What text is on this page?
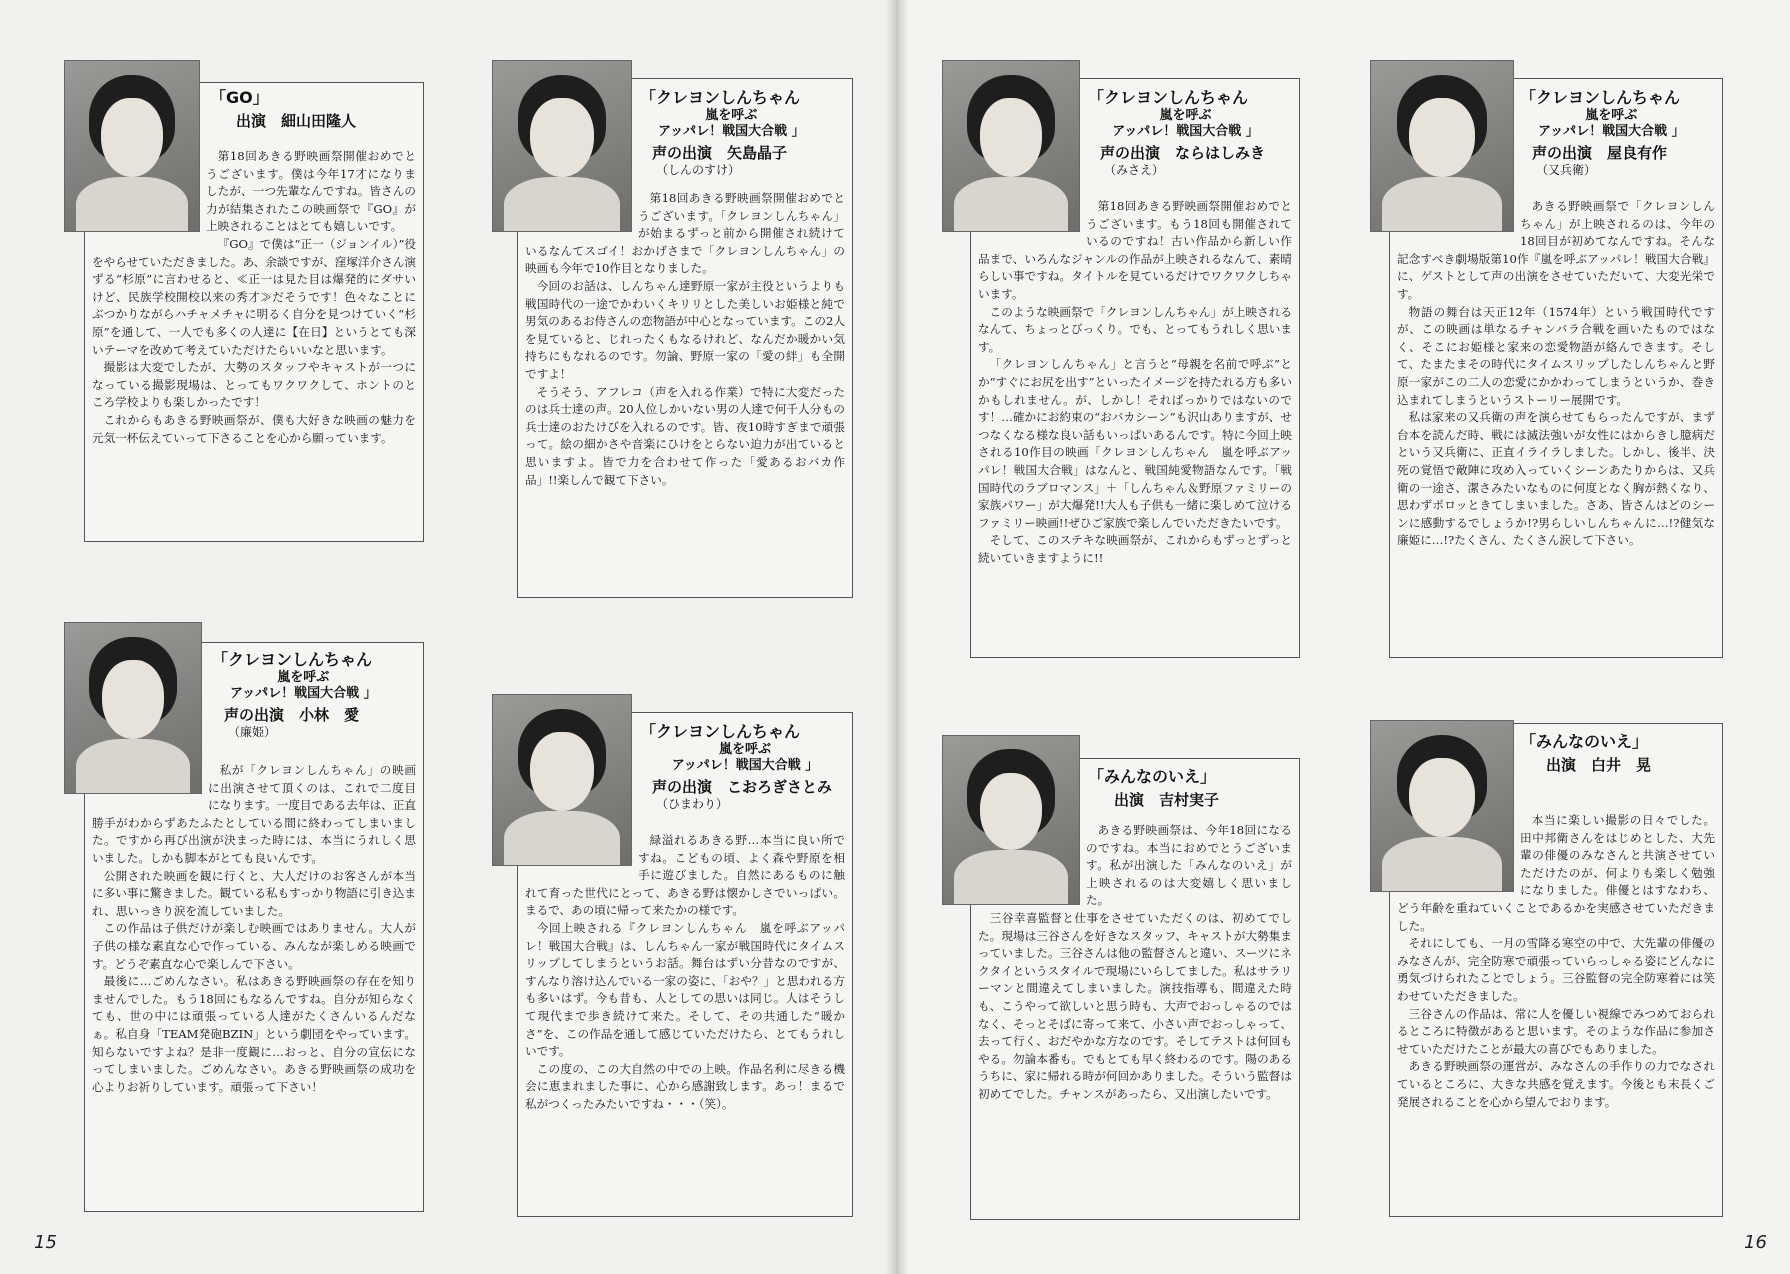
15	16
「GO」
出演　細山田隆人

第18回あきる野映画祭開催おめでとうございます。僕は今年17才になりましたが、一つ先輩なんですね。皆さんの力が結集されたこの映画祭で『GO』が上映されることはとても嬉しいです。

『GO』で僕は“正一（ジョンイル）”役をやらせていただきました。あ、余談ですが、窪塚洋介さん演ずる“杉原”に言わせると、≪正一は見た目は爆発的にダサいけど、民族学校開校以来の秀才≫だそうです！色々なことにぶつかりながらハチャメチャに明るく自分を見つけていく“杉原”を通して、一人でも多くの人達に【在日】というとても深いテーマを改めて考えていただけたらいいなと思います。

撮影は大変でしたが、大勢のスタッフやキャストが一つになっている撮影現場は、とってもワクワクして、ホントのところ学校よりも楽しかったです！

これからもあきる野映画祭が、僕も大好きな映画の魅力を元気一杯伝えていって下さることを心から願っています。

「クレヨンしんちゃん
嵐を呼ぶ
アッパレ！戦国大合戦 」
声の出演　矢島晶子
（しんのすけ）

第18回あきる野映画祭開催おめでとうございます。「クレヨンしんちゃん」が始まるずっと前から開催され続けているなんてスゴイ！おかげさまで「クレヨンしんちゃん」の映画も今年で10作目となりました。

今回のお話は、しんちゃん達野原一家が主役というよりも戦国時代の一途でかわいくキリリとした美しいお姫様と純で男気のあるお侍さんの恋物語が中心となっています。この2人を見ていると、じれったくもなるけれど、なんだか暖かい気持ちにもなれるのです。勿論、野原一家の「愛の絆」も全開ですよ！

そうそう、アフレコ（声を入れる作業）で特に大変だったのは兵士達の声。20人位しかいない男の人達で何千人分もの兵士達のおたけびを入れるのです。皆、夜10時すぎまで頑張って。絵の細かさや音楽にひけをとらない迫力が出ていると思いますよ。皆で力を合わせて作った「愛あるおバカ作品」!!楽しんで観て下さい。

「クレヨンしんちゃん
嵐を呼ぶ
アッパレ！戦国大合戦 」
声の出演　ならはしみき
（みさえ）

第18回あきる野映画祭開催おめでとうございます。もう18回も開催されているのですね！古い作品から新しい作品まで、いろんなジャンルの作品が上映されるなんて、素晴らしい事ですね。タイトルを見ているだけでワクワクしちゃいます。

このような映画祭で「クレヨンしんちゃん」が上映されるなんて、ちょっとびっくり。でも、とってもうれしく思います。

「クレヨンしんちゃん」と言うと“母親を名前で呼ぶ”とか“すぐにお尻を出す”といったイメージを持たれる方も多いかもしれません。が、しかし！そればっかりではないのです！…確かにお約束の“おバカシーン”も沢山ありますが、せつなくなる様な良い話もいっぱいあるんです。特に今回上映される10作目の映画「クレヨンしんちゃん　嵐を呼ぶアッパレ！戦国大合戦」はなんと、戦国純愛物語なんです。「戦国時代のラブロマンス」＋「しんちゃん＆野原ファミリーの家族パワー」が大爆発!!大人も子供も一緒に楽しめて泣けるファミリー映画!!ぜひご家族で楽しんでいただきたいです。

そして、このステキな映画祭が、これからもずっとずっと続いていきますように!!

「クレヨンしんちゃん
嵐を呼ぶ
アッパレ！戦国大合戦 」
声の出演　屋良有作
（又兵衛）

あきる野映画祭で「クレヨンしんちゃん」が上映されるのは、今年の18回目が初めてなんですね。そんな記念すべき劇場版第10作『嵐を呼ぶアッパレ！戦国大合戦』に、ゲストとして声の出演をさせていただいて、大変光栄です。

物語の舞台は天正12年（1574年）という戦国時代ですが、この映画は単なるチャンバラ合戦を画いたものではなく、そこにお姫様と家来の恋愛物語が絡んできます。そして、たまたまその時代にタイムスリップしたしんちゃんと野原一家がこの二人の恋愛にかかわってしまうというか、巻き込まれてしまうというストーリー展開です。

私は家来の又兵衛の声を演らせてもらったんですが、まず台本を読んだ時、戦には滅法強いが女性にはからきし臆病だという又兵衛に、正直イライラしました。しかし、後半、決死の覚悟で敵陣に攻め入っていくシーンあたりからは、又兵衛の一途さ、潔さみたいなものに何度となく胸が熱くなり、思わずポロッときてしまいました。さあ、皆さんはどのシーンに感動するでしょうか!?男らしいしんちゃんに…!?健気な廉姫に…!?たくさん、たくさん涙して下さい。

「クレヨンしんちゃん
嵐を呼ぶ
アッパレ！戦国大合戦 」
声の出演　小林　愛
（廉姫）

私が「クレヨンしんちゃん」の映画に出演させて頂くのは、これで二度目になります。一度目である去年は、正直勝手がわからずあたふたとしている間に終わってしまいました。ですから再び出演が決まった時には、本当にうれしく思いました。しかも脚本がとても良いんです。

公開された映画を観に行くと、大人だけのお客さんが本当に多い事に驚きました。観ている私もすっかり物語に引き込まれ、思いっきり涙を流していました。

この作品は子供だけが楽しむ映画ではありません。大人が子供の様な素直な心で作っている、みんなが楽しめる映画です。どうぞ素直な心で楽しんで下さい。

最後に…ごめんなさい。私はあきる野映画祭の存在を知りませんでした。もう18回にもなるんですね。自分が知らなくても、世の中には頑張っている人達がたくさんいるんだなぁ。私自身「TEAM発砲BZIN」という劇団をやっています。知らないですよね？是非一度観に…おっと、自分の宣伝になってしまいました。ごめんなさい。あきる野映画祭の成功を心よりお祈りしています。頑張って下さい！

「クレヨンしんちゃん
嵐を呼ぶ
アッパレ！戦国大合戦 」
声の出演　こおろぎさとみ
（ひまわり）

緑溢れるあきる野…本当に良い所ですね。こどもの頃、よく森や野原を相手に遊びました。自然にあるものに触れて育った世代にとって、あきる野は懐かしさでいっぱい。まるで、あの頃に帰って来たかの様です。

今回上映される『クレヨンしんちゃん　嵐を呼ぶアッパレ！戦国大合戦』は、しんちゃん一家が戦国時代にタイムスリップしてしまうというお話。舞台はずい分昔なのですが、すんなり溶け込んでいる一家の姿に、「おや？」と思われる方も多いはず。今も昔も、人としての思いは同じ。人はそうして現代まで歩き続けて来た。そして、その共通した“暖かさ”を、この作品を通して感じていただけたら、とてもうれしいです。

この度の、この大自然の中での上映。作品名利に尽きる機会に恵まれました事に、心から感謝致します。あっ！まるで私がつくったみたいですね・・・（笑）。

「みんなのいえ」
出演　吉村実子

あきる野映画祭は、今年18回になるのですね。本当におめでとうございます。私が出演した「みんなのいえ」が上映されるのは大変嬉しく思いました。

三谷幸喜監督と仕事をさせていただくのは、初めてでした。現場は三谷さんを好きなスタッフ、キャストが大勢集まっていました。三谷さんは他の監督さんと違い、スーツにネクタイというスタイルで現場にいらしてました。私はサラリーマンと間違えてしまいました。演技指導も、間違えた時も、こうやって欲しいと思う時も、大声でおっしゃるのではなく、そっとそばに寄って来て、小さい声でおっしゃって、去って行く、おだやかな方なのです。そしてテストは何回もやる。勿論本番も。でもとても早く終わるのです。陽のあるうちに、家に帰れる時が何回かありました。そういう監督は初めてでした。チャンスがあったら、又出演したいです。

「みんなのいえ」
出演　白井　晃

本当に楽しい撮影の日々でした。田中邦衛さんをはじめとした、大先輩の俳優のみなさんと共演させていただけたのが、何よりも楽しく勉強になりました。俳優とはすなわち、どう年齢を重ねていくことであるかを実感させていただきました。

それにしても、一月の雪降る寒空の中で、大先輩の俳優のみなさんが、完全防寒で頑張っていらっしゃる姿にどんなに勇気づけられたことでしょう。三谷監督の完全防寒着には笑わせていただきました。

三谷さんの作品は、常に人を優しい視線でみつめておられるところに特徴があると思います。そのような作品に参加させていただけたことが最大の喜びでもありました。

あきる野映画祭の運営が、みなさんの手作りの力でなされているところに、大きな共感を覚えます。今後とも末長くご発展されることを心から望んでおります。
